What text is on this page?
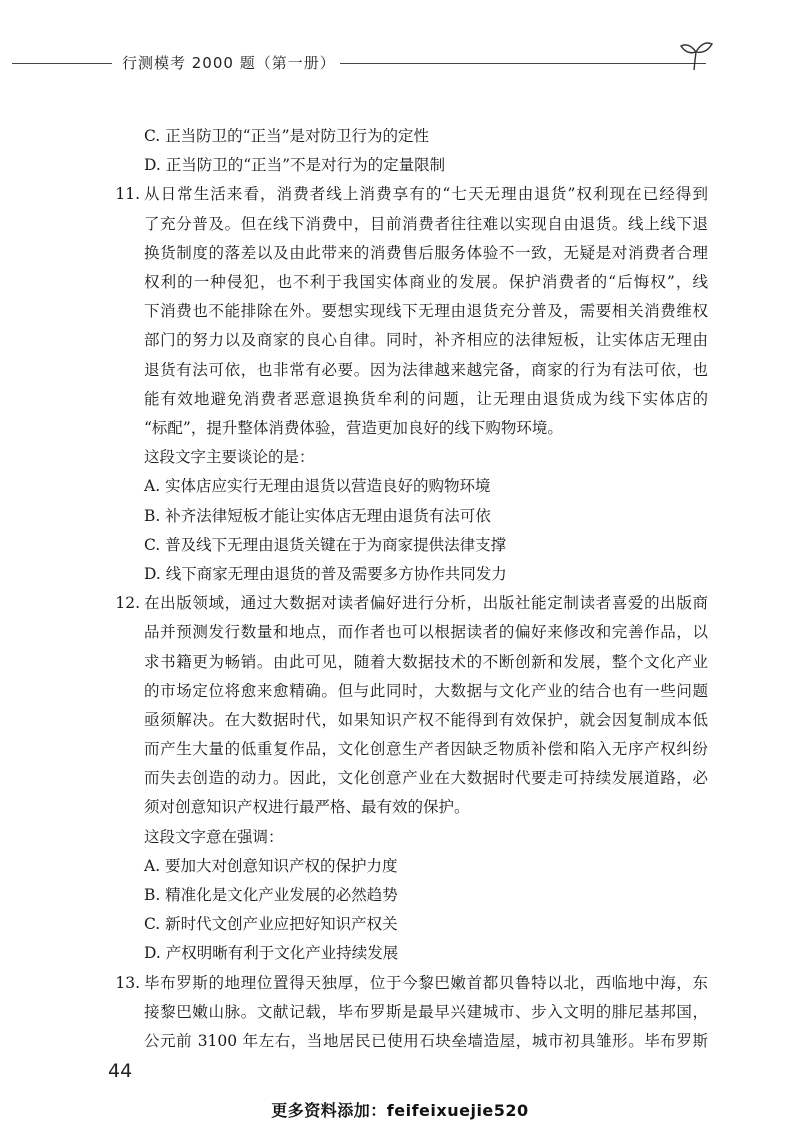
行测模考 2000 题（第一册）
C. 正当防卫的“正当”是对防卫行为的定性
D. 正当防卫的“正当”不是对行为的定量限制
11. 从日常生活来看，消费者线上消费享有的“七天无理由退货”权利现在已经得到
了充分普及。但在线下消费中，目前消费者往往难以实现自由退货。线上线下退
换货制度的落差以及由此带来的消费售后服务体验不一致，无疑是对消费者合理
权利的一种侵犯，也不利于我国实体商业的发展。保护消费者的“后悔权”，线
下消费也不能排除在外。要想实现线下无理由退货充分普及，需要相关消费维权
部门的努力以及商家的良心自律。同时，补齐相应的法律短板，让实体店无理由
退货有法可依，也非常有必要。因为法律越来越完备，商家的行为有法可依，也
能有效地避免消费者恶意退换货牟利的问题，让无理由退货成为线下实体店的
“标配”，提升整体消费体验，营造更加良好的线下购物环境。
这段文字主要谈论的是：
A. 实体店应实行无理由退货以营造良好的购物环境
B. 补齐法律短板才能让实体店无理由退货有法可依
C. 普及线下无理由退货关键在于为商家提供法律支撑
D. 线下商家无理由退货的普及需要多方协作共同发力
12. 在出版领域，通过大数据对读者偏好进行分析，出版社能定制读者喜爱的出版商
品并预测发行数量和地点，而作者也可以根据读者的偏好来修改和完善作品，以
求书籍更为畅销。由此可见，随着大数据技术的不断创新和发展，整个文化产业
的市场定位将愈来愈精确。但与此同时，大数据与文化产业的结合也有一些问题
亟须解决。在大数据时代，如果知识产权不能得到有效保护，就会因复制成本低
而产生大量的低重复作品，文化创意生产者因缺乏物质补偿和陷入无序产权纠纷
而失去创造的动力。因此，文化创意产业在大数据时代要走可持续发展道路，必
须对创意知识产权进行最严格、最有效的保护。
这段文字意在强调：
A. 要加大对创意知识产权的保护力度
B. 精准化是文化产业发展的必然趋势
C. 新时代文创产业应把好知识产权关
D. 产权明晰有利于文化产业持续发展
13. 毕布罗斯的地理位置得天独厚，位于今黎巴嫩首都贝鲁特以北，西临地中海，东
接黎巴嫩山脉。文献记载，毕布罗斯是最早兴建城市、步入文明的腓尼基邦国，
公元前 3100 年左右，当地居民已使用石块垒墙造屋，城市初具雏形。毕布罗斯
44
更多资料添加：feifeixuejie520
